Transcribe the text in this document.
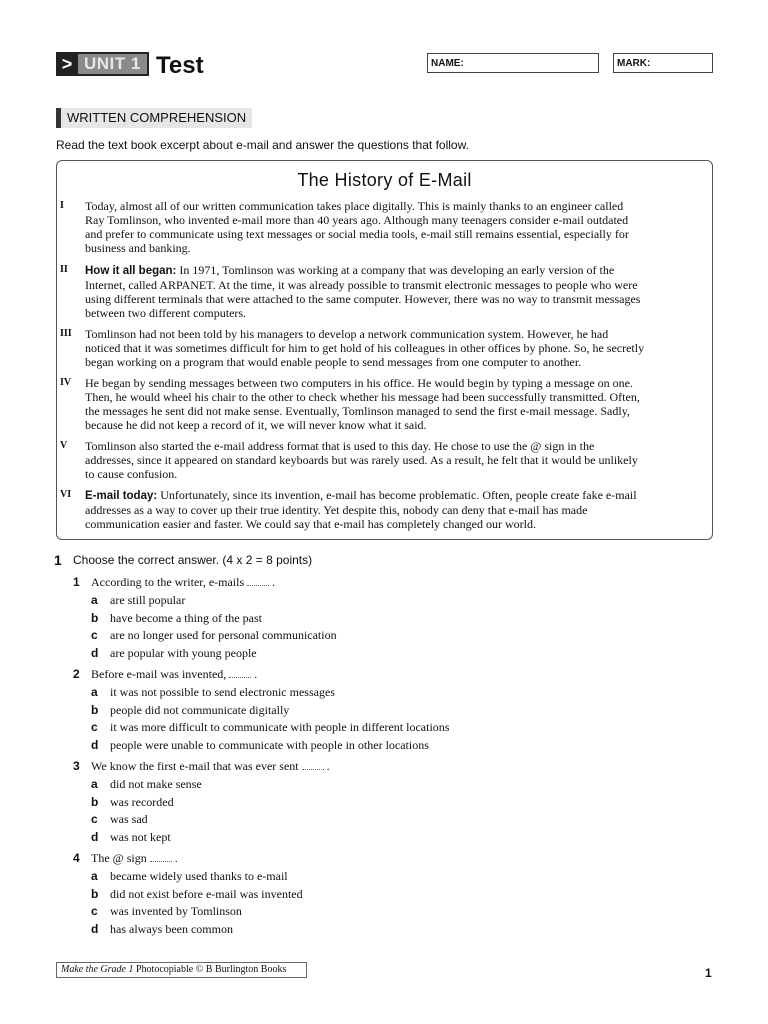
> UNIT 1 Test	NAME:	MARK:
WRITTEN COMPREHENSION
Read the text book excerpt about e-mail and answer the questions that follow.
The History of E-Mail
I Today, almost all of our written communication takes place digitally. This is mainly thanks to an engineer called
Ray Tomlinson, who invented e-mail more than 40 years ago. Although many teenagers consider e-mail outdated
and prefer to communicate using text messages or social media tools, e-mail still remains essential, especially for
business and banking.
II How it all began: In 1971, Tomlinson was working at a company that was developing an early version of the
Internet, called ARPANET. At the time, it was already possible to transmit electronic messages to people who were
using different terminals that were attached to the same computer. However, there was no way to transmit messages
between two different computers.
III Tomlinson had not been told by his managers to develop a network communication system. However, he had
noticed that it was sometimes difficult for him to get hold of his colleagues in other offices by phone. So, he secretly
began working on a program that would enable people to send messages from one computer to another.
IV He began by sending messages between two computers in his office. He would begin by typing a message on one.
Then, he would wheel his chair to the other to check whether his message had been successfully transmitted. Often,
the messages he sent did not make sense. Eventually, Tomlinson managed to send the first e-mail message. Sadly,
because he did not keep a record of it, we will never know what it said.
V Tomlinson also started the e-mail address format that is used to this day. He chose to use the @ sign in the
addresses, since it appeared on standard keyboards but was rarely used. As a result, he felt that it would be unlikely
to cause confusion.
VI E-mail today: Unfortunately, since its invention, e-mail has become problematic. Often, people create fake e-mail
addresses as a way to cover up their true identity. Yet despite this, nobody can deny that e-mail has made
communication easier and faster. We could say that e-mail has completely changed our world.
1 Choose the correct answer. (4 x 2 = 8 points)
1 According to the writer, e-mails .
a are still popular
b have become a thing of the past
c are no longer used for personal communication
d are popular with young people
2 Before e-mail was invented, .
a it was not possible to send electronic messages
b people did not communicate digitally
c it was more difficult to communicate with people in different locations
d people were unable to communicate with people in other locations
3 We know the first e-mail that was ever sent .
a did not make sense
b was recorded
c was sad
d was not kept
4 The @ sign .
a became widely used thanks to e-mail
b did not exist before e-mail was invented
c was invented by Tomlinson
d has always been common
Make the Grade 1 Photocopiable © B Burlington Books	1
